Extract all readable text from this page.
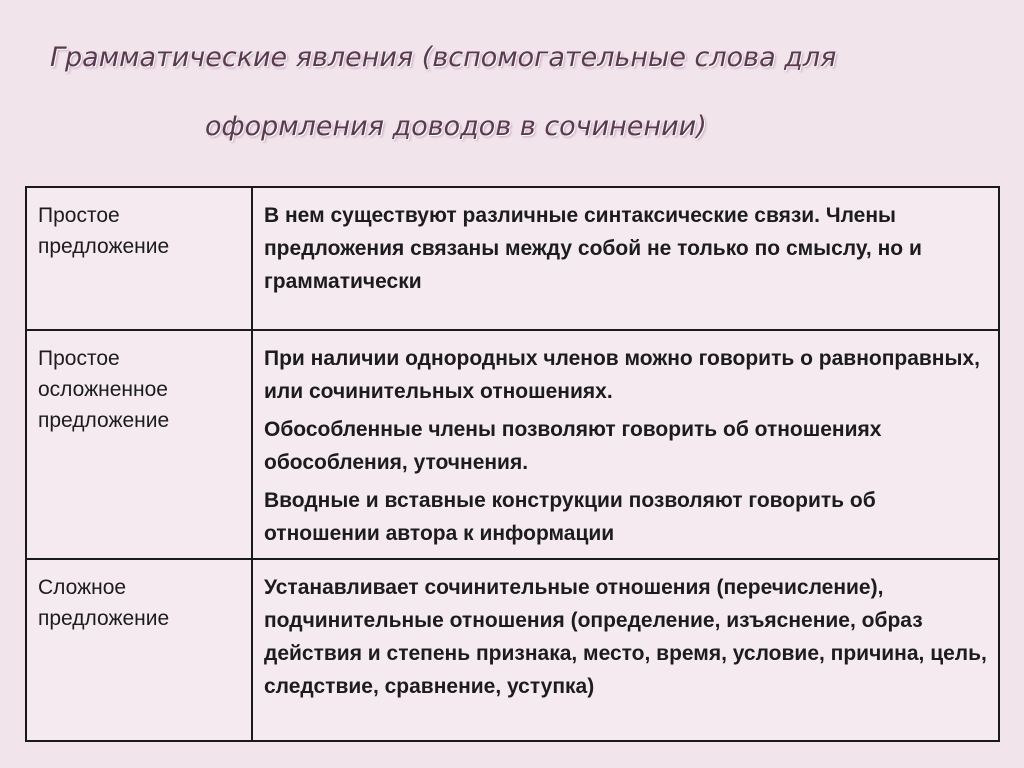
Грамматические явления (вспомогательные слова для
оформления доводов в сочинении)
Простое предложение	В нем существуют различные синтаксические связи. Члены предложения связаны между собой не только по смыслу, но и грамматически

Простое осложненное предложение	При наличии однородных членов можно говорить о равноправных, или сочинительных отношениях.

Обособленные члены позволяют говорить об отношениях обособления, уточнения.

Вводные и вставные конструкции позволяют говорить об отношении автора к информации

Сложное предложение	Устанавливает сочинительные отношения (перечисление), подчинительные отношения (определение, изъяснение, образ действия и степень признака, место, время, условие, причина, цель, следствие, сравнение, уступка)
